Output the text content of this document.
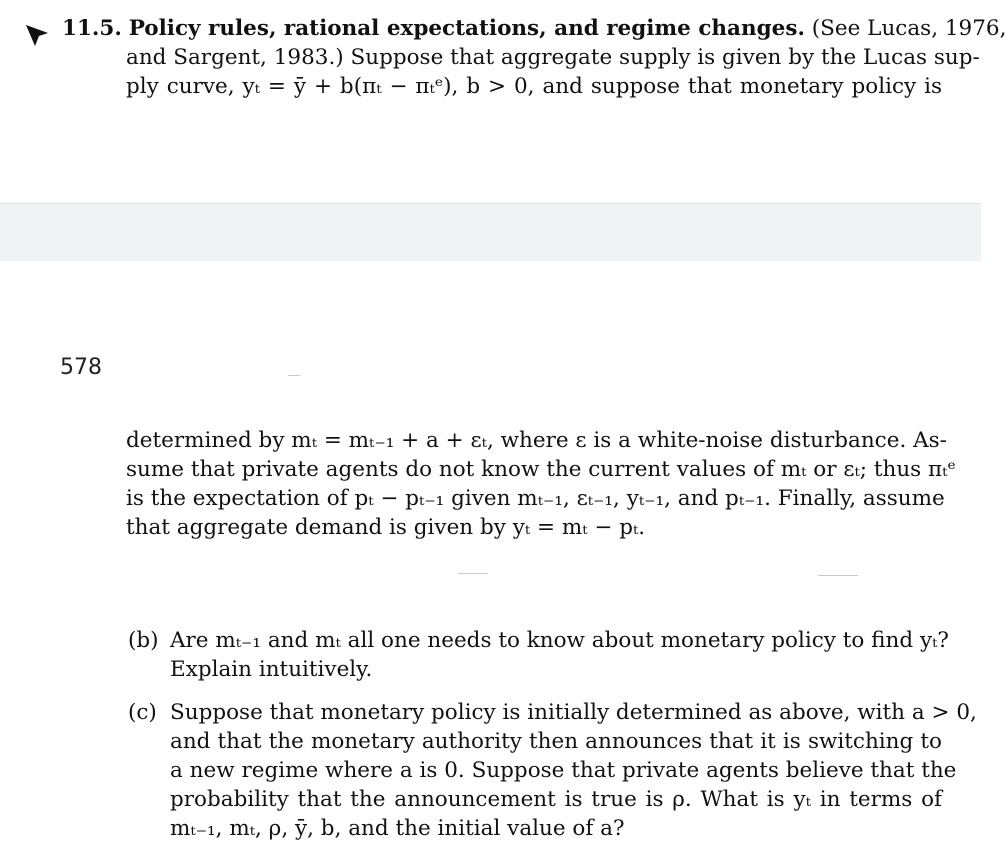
11.5. Policy rules, rational expectations, and regime changes. (See Lucas, 1976,
and Sargent, 1983.) Suppose that aggregate supply is given by the Lucas sup-
ply curve, yₜ = ȳ + b(πₜ − πₜᵉ), b > 0, and suppose that monetary policy is
578
determined by mₜ = mₜ₋₁ + a + εₜ, where ε is a white-noise disturbance. As-
sume that private agents do not know the current values of mₜ or εₜ; thus πₜᵉ
is the expectation of pₜ − pₜ₋₁ given mₜ₋₁, εₜ₋₁, yₜ₋₁, and pₜ₋₁. Finally, assume
that aggregate demand is given by yₜ = mₜ − pₜ.
(b) Are mₜ₋₁ and mₜ all one needs to know about monetary policy to find yₜ?
Explain intuitively.
(c) Suppose that monetary policy is initially determined as above, with a > 0,
and that the monetary authority then announces that it is switching to
a new regime where a is 0. Suppose that private agents believe that the
probability that the announcement is true is ρ. What is yₜ in terms of
mₜ₋₁, mₜ, ρ, ȳ, b, and the initial value of a?
